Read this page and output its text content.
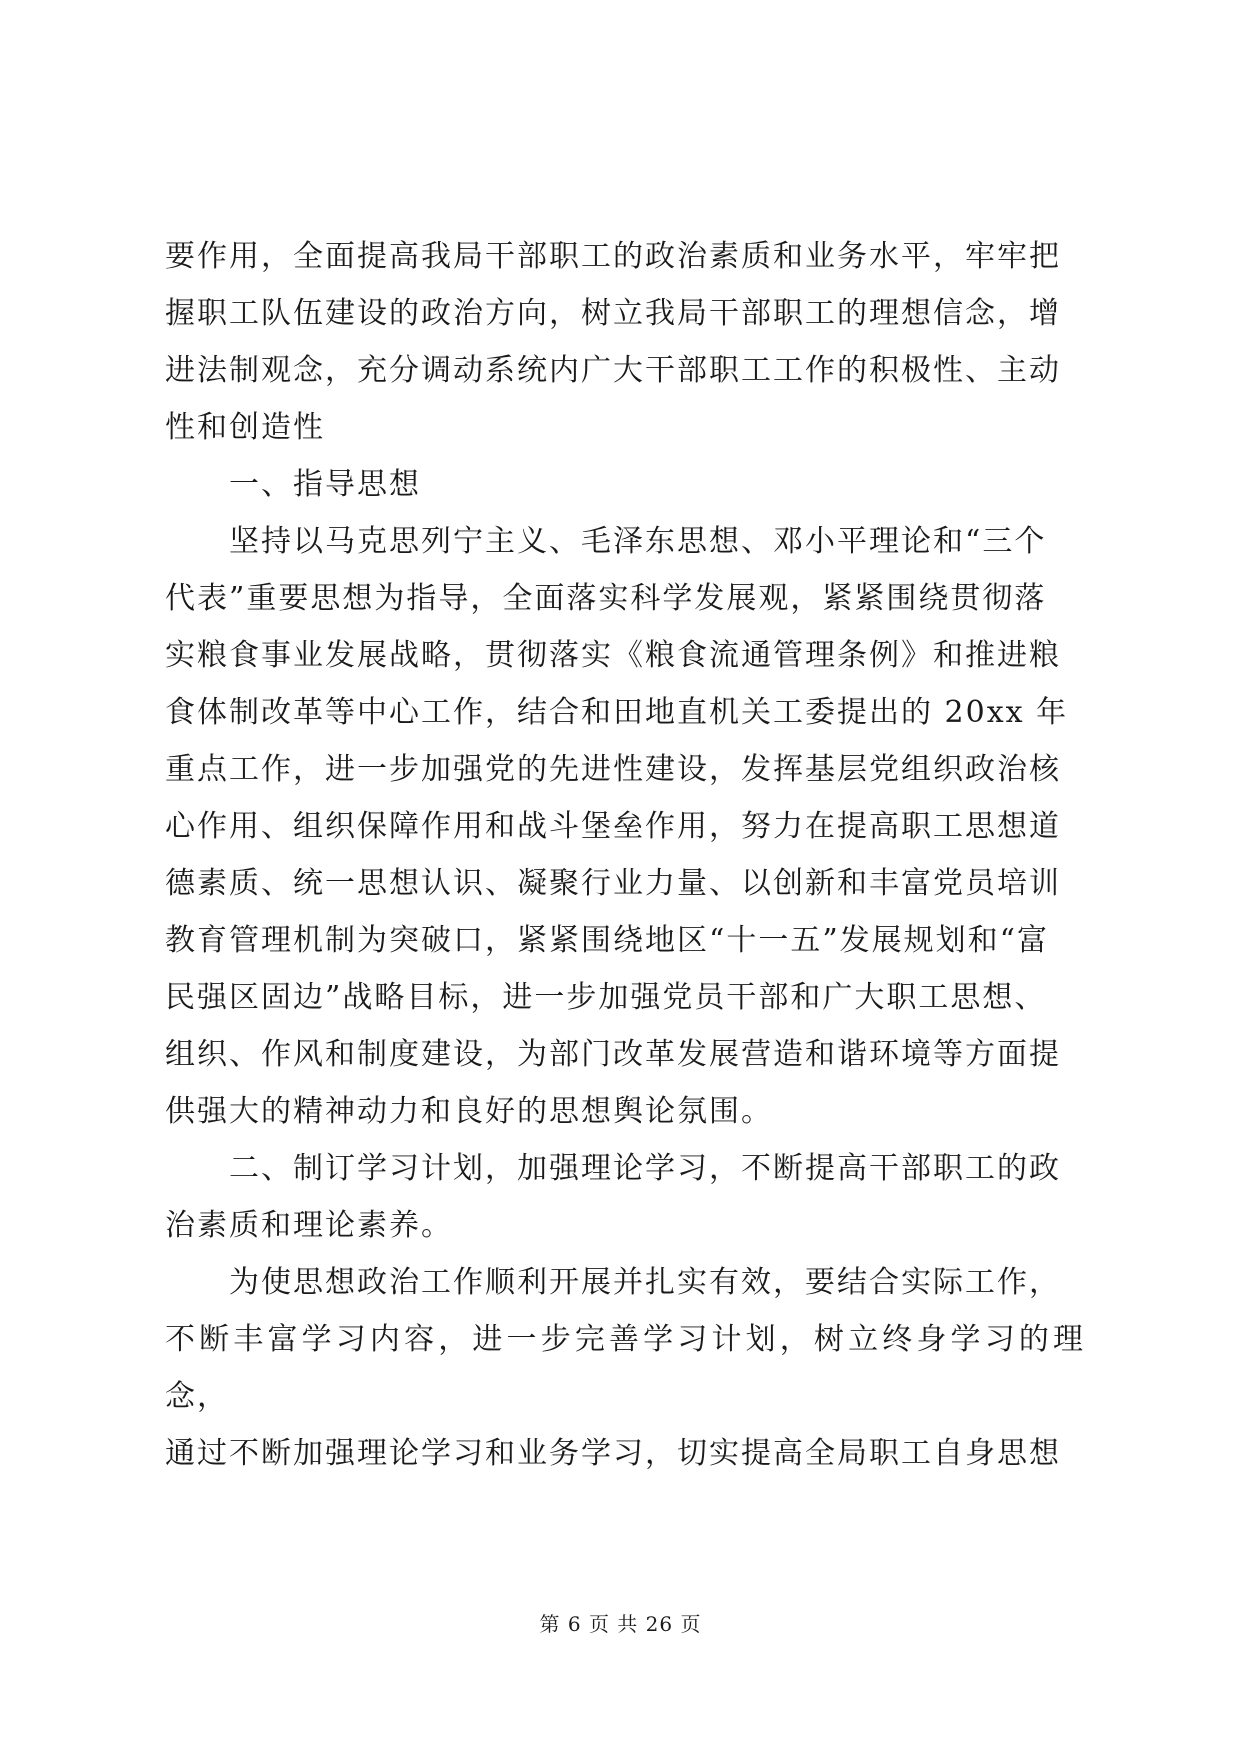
要作用，全面提高我局干部职工的政治素质和业务水平，牢牢把
握职工队伍建设的政治方向，树立我局干部职工的理想信念，增
进法制观念，充分调动系统内广大干部职工工作的积极性、主动
性和创造性

一、指导思想

坚持以马克思列宁主义、毛泽东思想、邓小平理论和“三个
代表”重要思想为指导，全面落实科学发展观，紧紧围绕贯彻落
实粮食事业发展战略，贯彻落实《粮食流通管理条例》和推进粮
食体制改革等中心工作，结合和田地直机关工委提出的 20xx 年
重点工作，进一步加强党的先进性建设，发挥基层党组织政治核
心作用、组织保障作用和战斗堡垒作用，努力在提高职工思想道
德素质、统一思想认识、凝聚行业力量、以创新和丰富党员培训
教育管理机制为突破口，紧紧围绕地区“十一五”发展规划和“富
民强区固边”战略目标，进一步加强党员干部和广大职工思想、
组织、作风和制度建设，为部门改革发展营造和谐环境等方面提
供强大的精神动力和良好的思想舆论氛围。

二、制订学习计划，加强理论学习，不断提高干部职工的政
治素质和理论素养。

为使思想政治工作顺利开展并扎实有效，要结合实际工作，
不断丰富学习内容，进一步完善学习计划，树立终身学习的理念，
通过不断加强理论学习和业务学习，切实提高全局职工自身思想

第 6 页 共 26 页
